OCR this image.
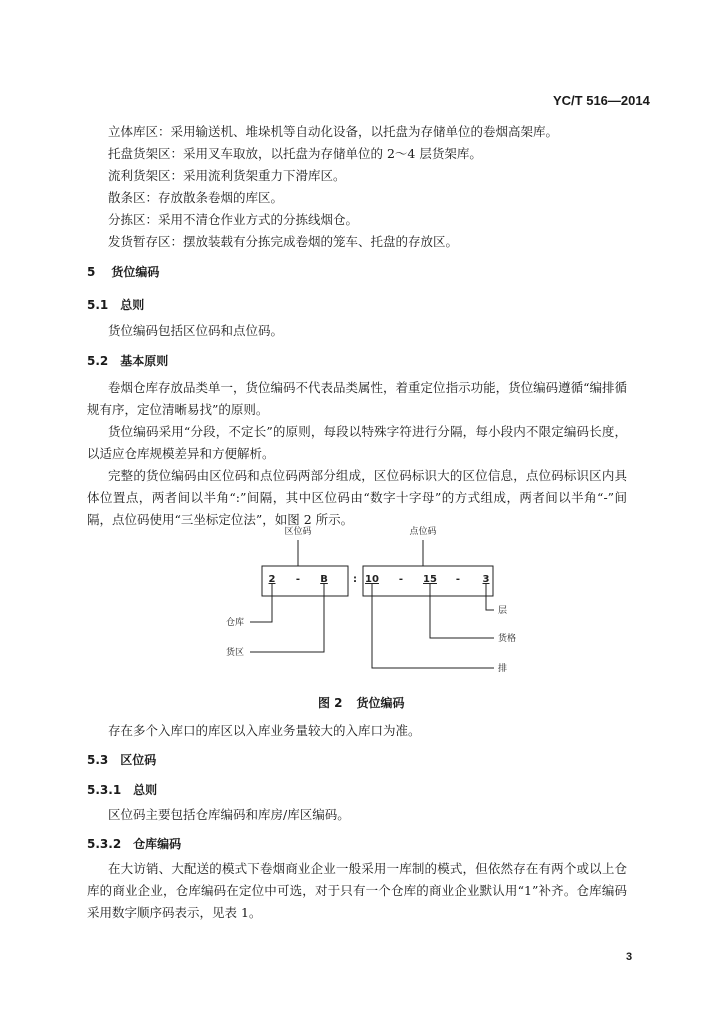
YC/T 516—2014
立体库区：采用输送机、堆垛机等自动化设备，以托盘为存储单位的卷烟高架库。
托盘货架区：采用叉车取放，以托盘为存储单位的 2～4 层货架库。
流利货架区：采用流利货架重力下滑库区。
散条区：存放散条卷烟的库区。
分拣区：采用不清仓作业方式的分拣线烟仓。
发货暂存区：摆放装载有分拣完成卷烟的笼车、托盘的存放区。
5 货位编码
5.1 总则
货位编码包括区位码和点位码。
5.2 基本原则
卷烟仓库存放品类单一，货位编码不代表品类属性，着重定位指示功能，货位编码遵循“编排循规有序，定位清晰易找”的原则。
货位编码采用“分段，不定长”的原则，每段以特殊字符进行分隔，每小段内不限定编码长度，以适应仓库规模差异和方便解析。
完整的货位编码由区位码和点位码两部分组成，区位码标识大的区位信息，点位码标识区内具体位置点，两者间以半角“:”间隔，其中区位码由“数字十字母”的方式组成，两者间以半角“-”间隔，点位码使用“三坐标定位法”，如图 2 所示。
区位码	点位码
2 - B	: 10 - 15 - 3
仓库
货区
层
货格
排
图 2 货位编码
存在多个入库口的库区以入库业务量较大的入库口为准。
5.3 区位码
5.3.1 总则
区位码主要包括仓库编码和库房/库区编码。
5.3.2 仓库编码
在大访销、大配送的模式下卷烟商业企业一般采用一库制的模式，但依然存在有两个或以上仓库的商业企业，仓库编码在定位中可选，对于只有一个仓库的商业企业默认用“1”补齐。仓库编码采用数字顺序码表示，见表 1。
3
